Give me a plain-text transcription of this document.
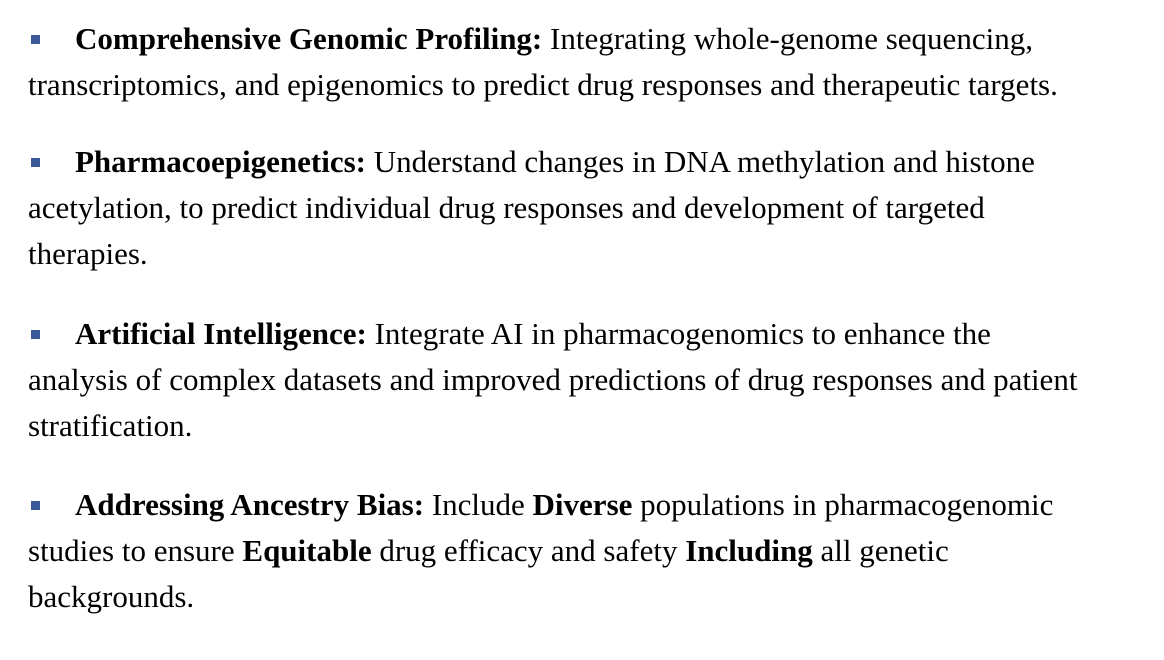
Comprehensive Genomic Profiling: Integrating whole-genome sequencing,
transcriptomics, and epigenomics to predict drug responses and therapeutic targets.
Pharmacoepigenetics: Understand changes in DNA methylation and histone
acetylation, to predict individual drug responses and development of targeted
therapies.
Artificial Intelligence: Integrate AI in pharmacogenomics to enhance the
analysis of complex datasets and improved predictions of drug responses and patient
stratification.
Addressing Ancestry Bias: Include Diverse populations in pharmacogenomic
studies to ensure Equitable drug efficacy and safety Including all genetic
backgrounds.
